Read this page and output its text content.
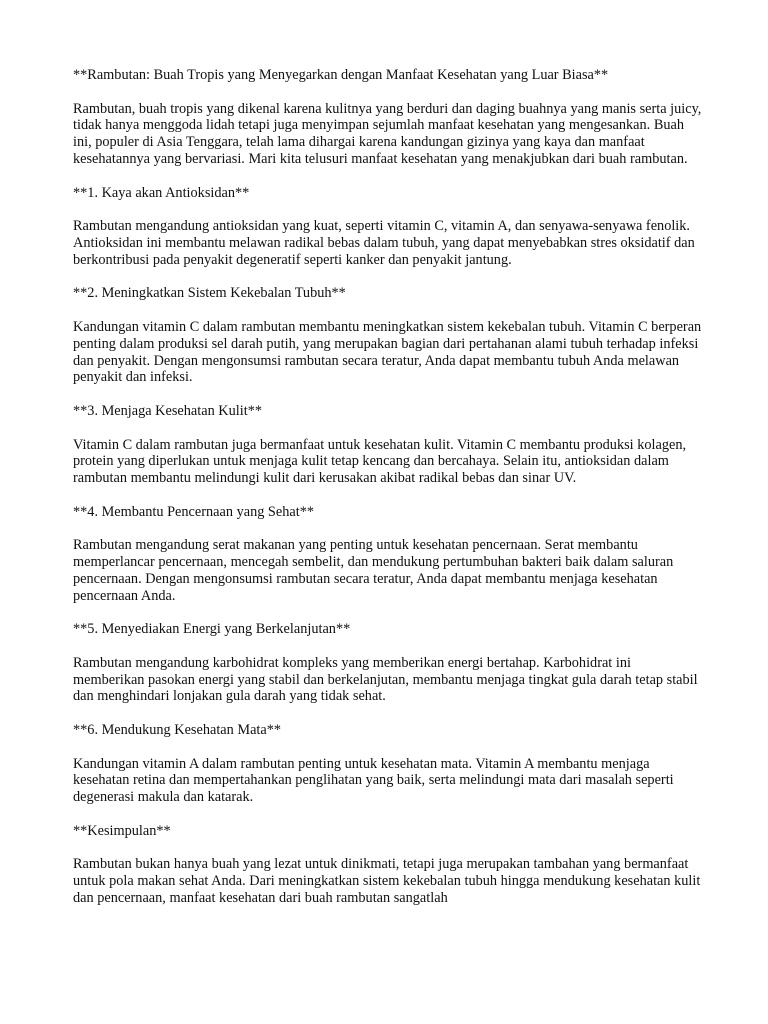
**Rambutan: Buah Tropis yang Menyegarkan dengan Manfaat Kesehatan yang Luar Biasa**

Rambutan, buah tropis yang dikenal karena kulitnya yang berduri dan daging buahnya yang manis serta juicy, tidak hanya menggoda lidah tetapi juga menyimpan sejumlah manfaat kesehatan yang mengesankan. Buah ini, populer di Asia Tenggara, telah lama dihargai karena kandungan gizinya yang kaya dan manfaat kesehatannya yang bervariasi. Mari kita telusuri manfaat kesehatan yang menakjubkan dari buah rambutan.

**1. Kaya akan Antioksidan**

Rambutan mengandung antioksidan yang kuat, seperti vitamin C, vitamin A, dan senyawa-senyawa fenolik. Antioksidan ini membantu melawan radikal bebas dalam tubuh, yang dapat menyebabkan stres oksidatif dan berkontribusi pada penyakit degeneratif seperti kanker dan penyakit jantung.

**2. Meningkatkan Sistem Kekebalan Tubuh**

Kandungan vitamin C dalam rambutan membantu meningkatkan sistem kekebalan tubuh. Vitamin C berperan penting dalam produksi sel darah putih, yang merupakan bagian dari pertahanan alami tubuh terhadap infeksi dan penyakit. Dengan mengonsumsi rambutan secara teratur, Anda dapat membantu tubuh Anda melawan penyakit dan infeksi.

**3. Menjaga Kesehatan Kulit**

Vitamin C dalam rambutan juga bermanfaat untuk kesehatan kulit. Vitamin C membantu produksi kolagen, protein yang diperlukan untuk menjaga kulit tetap kencang dan bercahaya. Selain itu, antioksidan dalam rambutan membantu melindungi kulit dari kerusakan akibat radikal bebas dan sinar UV.

**4. Membantu Pencernaan yang Sehat**

Rambutan mengandung serat makanan yang penting untuk kesehatan pencernaan. Serat membantu memperlancar pencernaan, mencegah sembelit, dan mendukung pertumbuhan bakteri baik dalam saluran pencernaan. Dengan mengonsumsi rambutan secara teratur, Anda dapat membantu menjaga kesehatan pencernaan Anda.

**5. Menyediakan Energi yang Berkelanjutan**

Rambutan mengandung karbohidrat kompleks yang memberikan energi bertahap. Karbohidrat ini memberikan pasokan energi yang stabil dan berkelanjutan, membantu menjaga tingkat gula darah tetap stabil dan menghindari lonjakan gula darah yang tidak sehat.

**6. Mendukung Kesehatan Mata**

Kandungan vitamin A dalam rambutan penting untuk kesehatan mata. Vitamin A membantu menjaga kesehatan retina dan mempertahankan penglihatan yang baik, serta melindungi mata dari masalah seperti degenerasi makula dan katarak.

**Kesimpulan**

Rambutan bukan hanya buah yang lezat untuk dinikmati, tetapi juga merupakan tambahan yang bermanfaat untuk pola makan sehat Anda. Dari meningkatkan sistem kekebalan tubuh hingga mendukung kesehatan kulit dan pencernaan, manfaat kesehatan dari buah rambutan sangatlah
